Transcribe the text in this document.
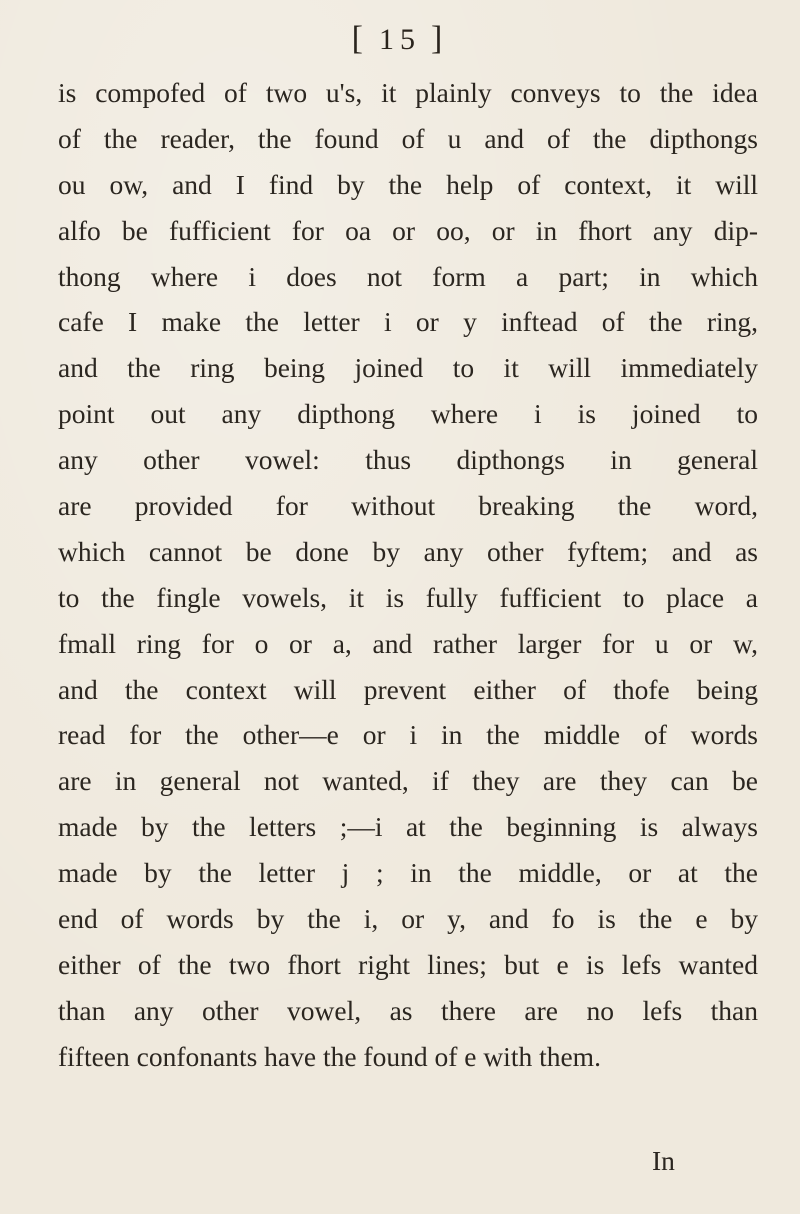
[ 15 ]
is compofed of two u's, it plainly conveys to the idea
of the reader, the found of u and of the dipthongs
ou ow, and I find by the help of context, it will
alfo be fufficient for oa or oo, or in fhort any dip-
thong where i does not form a part; in which
cafe I make the letter i or y inftead of the ring,
and the ring being joined to it will immediately
point out any dipthong where i is joined to
any other vowel: thus dipthongs in general
are provided for without breaking the word,
which cannot be done by any other fyftem; and as
to the fingle vowels, it is fully fufficient to place a
fmall ring for o or a, and rather larger for u or w,
and the context will prevent either of thofe being
read for the other—e or i in the middle of words
are in general not wanted, if they are they can be
made by the letters ;—i at the beginning is always
made by the letter j ; in the middle, or at the
end of words by the i, or y, and fo is the e by
either of the two fhort right lines; but e is lefs wanted
than any other vowel, as there are no lefs than
fifteen confonants have the found of e with them.
In
